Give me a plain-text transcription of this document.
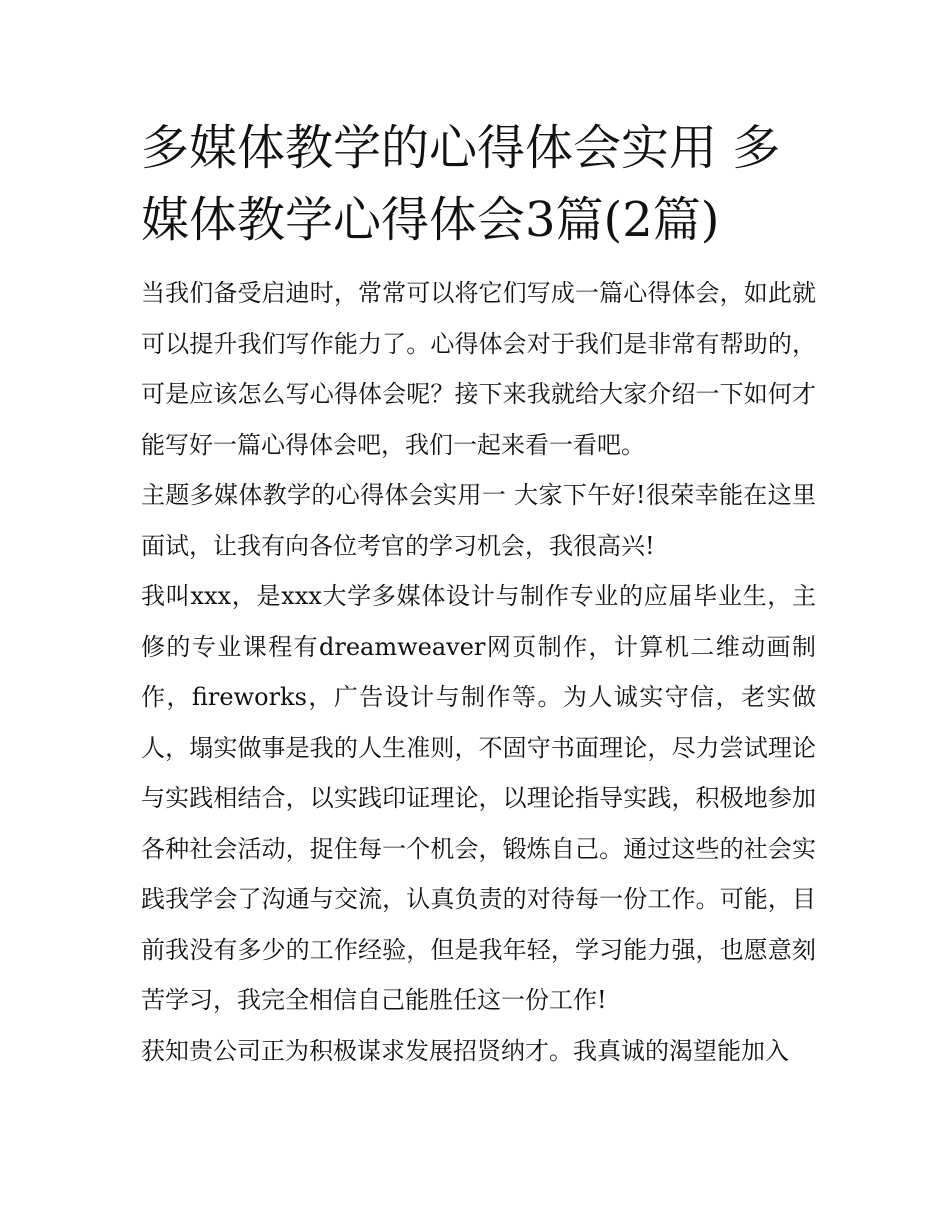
多媒体教学的心得体会实用 多媒体教学心得体会3篇(2篇)

当我们备受启迪时，常常可以将它们写成一篇心得体会，如此就可以提升我们写作能力了。心得体会对于我们是非常有帮助的，可是应该怎么写心得体会呢？接下来我就给大家介绍一下如何才能写好一篇心得体会吧，我们一起来看一看吧。

主题多媒体教学的心得体会实用一 大家下午好!很荣幸能在这里面试，让我有向各位考官的学习机会，我很高兴!

我叫xxx，是xxx大学多媒体设计与制作专业的应届毕业生，主修的专业课程有dreamweaver网页制作，计算机二维动画制作，fireworks，广告设计与制作等。为人诚实守信，老实做人，塌实做事是我的人生准则，不固守书面理论，尽力尝试理论与实践相结合，以实践印证理论，以理论指导实践，积极地参加各种社会活动，捉住每一个机会，锻炼自己。通过这些的社会实践我学会了沟通与交流，认真负责的对待每一份工作。可能，目前我没有多少的工作经验，但是我年轻，学习能力强，也愿意刻苦学习，我完全相信自己能胜任这一份工作!

获知贵公司正为积极谋求发展招贤纳才。我真诚的渴望能加入
